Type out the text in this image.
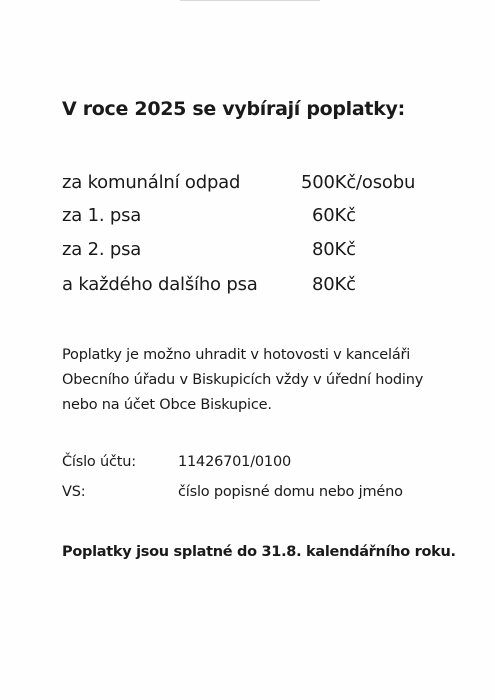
V roce 2025 se vybírají poplatky:
za komunální odpad	500Kč/osobu
za 1. psa	60Kč
za 2. psa	80Kč
a každého dalšího psa	80Kč
Poplatky je možno uhradit v hotovosti v kanceláři
Obecního úřadu v Biskupicích vždy v úřední hodiny
nebo na účet Obce Biskupice.
Číslo účtu:	11426701/0100
VS:	číslo popisné domu nebo jméno
Poplatky jsou splatné do 31.8. kalendářního roku.
